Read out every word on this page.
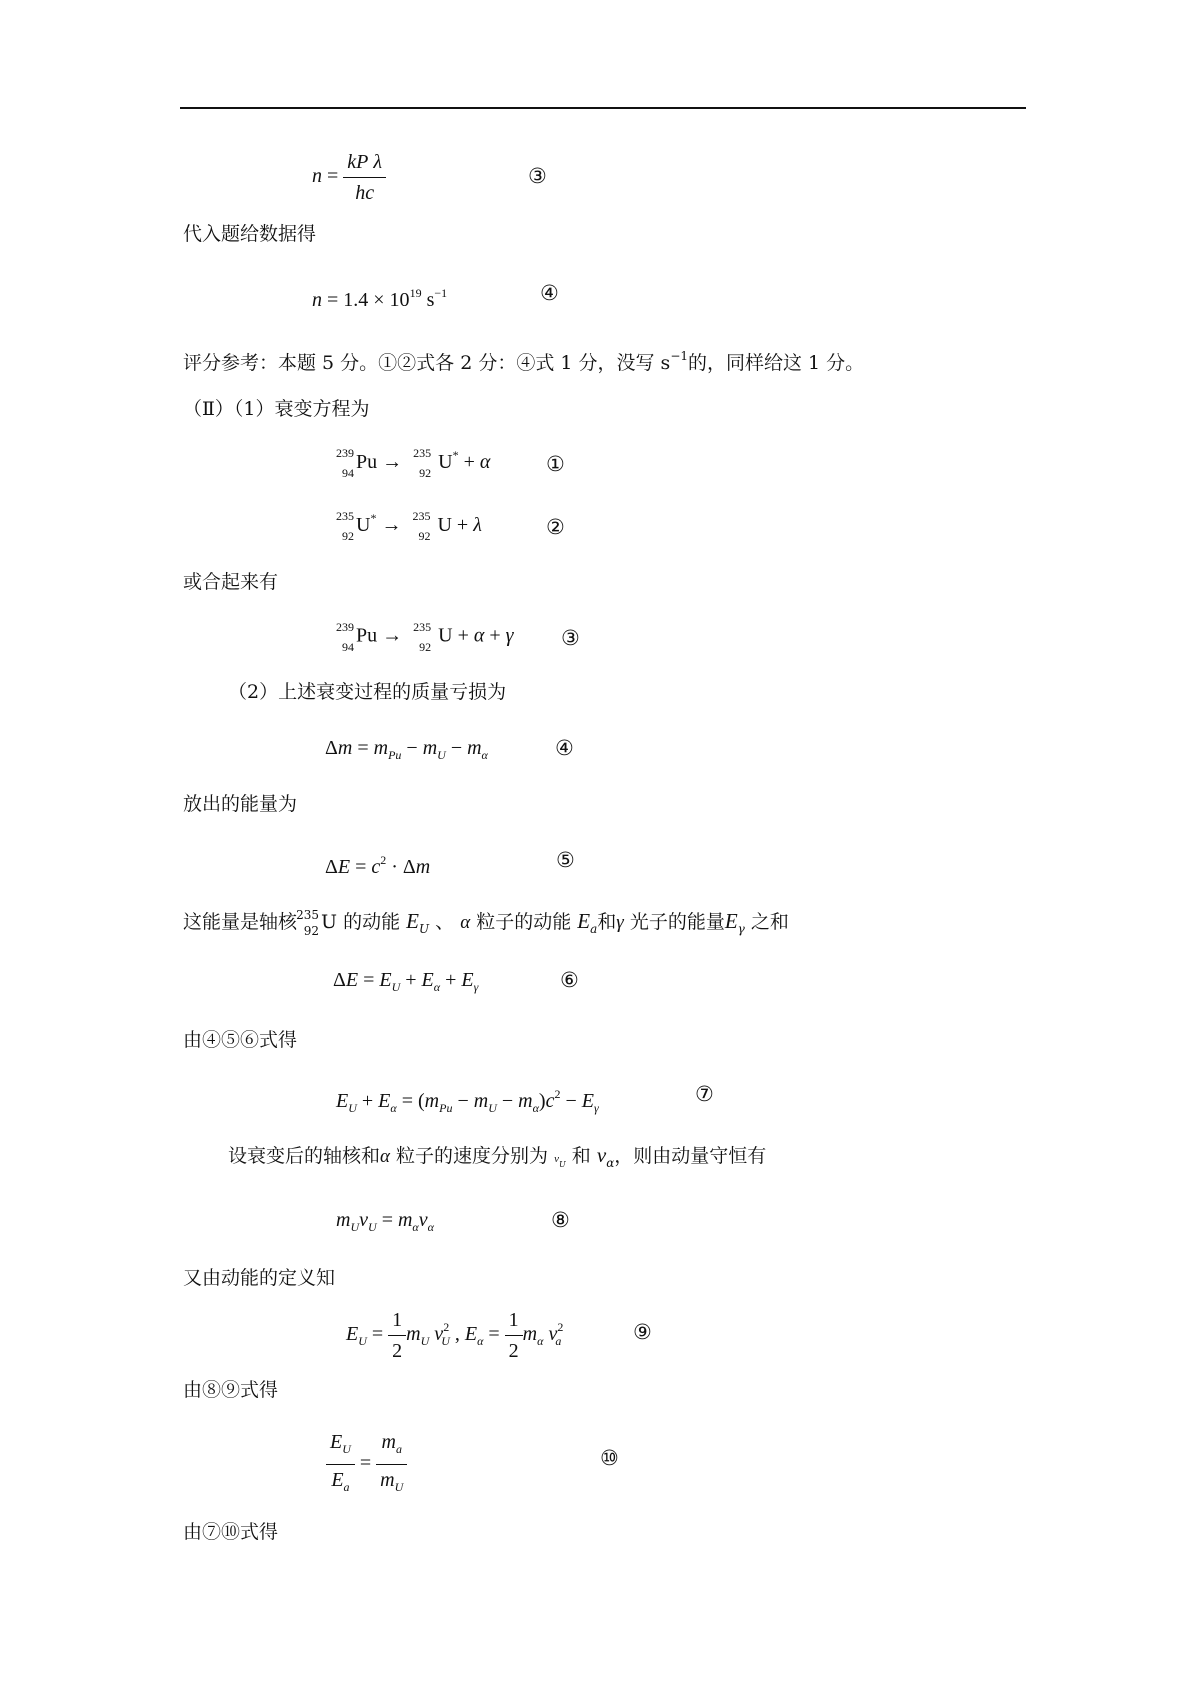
$n = \frac{\text{kP λ}}{hc}$	③
代入题给数据得
$n = 1.4 \times 10^{19}$ $s^{-1}$	④
评分参考：本题 5 分。①②式各 2 分：④式 1 分，没写 $s^{-1}$的，同样给这 1 分。
（Ⅱ）（1）衰变方程为
239
94
Pu → 235
92
U* + α	①
235
92
U* → 235
92
U + λ	②
或合起来有
239
94
Pu → 235
92
U + α + γ ③
（2）上述衰变过程的质量亏损为
$\Delta m = m_{Pu} - m_U - m_\alpha$	④
放出的能量为
$\Delta E = c^2 \cdot \Delta m$	⑤
这能量是轴核 235
92 U 的动能 $E_U$ 、 α 粒子的动能 $E_a$和γ 光子的能量$E_\gamma$ 之和
$\Delta E = E_U + E_\alpha + E_\gamma$	⑥
由④⑤⑥式得
$E_U + E_\alpha = (m_{Pu} - m_U - m_\alpha)c^2 - E_\gamma$
⑦
设衰变后的轴核和α 粒子的速度分别为 $v_U$ 和 $v_\alpha$，则由动量守恒有
$m_Uv_U = m_\alpha v_\alpha$	⑧
又由动能的定义知
$E_U = \frac{1}{2} m_U$ $v^2_U$ , $E_\alpha = \frac{1}{2} m_\alpha$ $v^2_a$	⑨
由⑧⑨式得
$\frac{E_U}{E_a} = \frac{m_a}{m_U}$	⑩
由⑦⑩式得
